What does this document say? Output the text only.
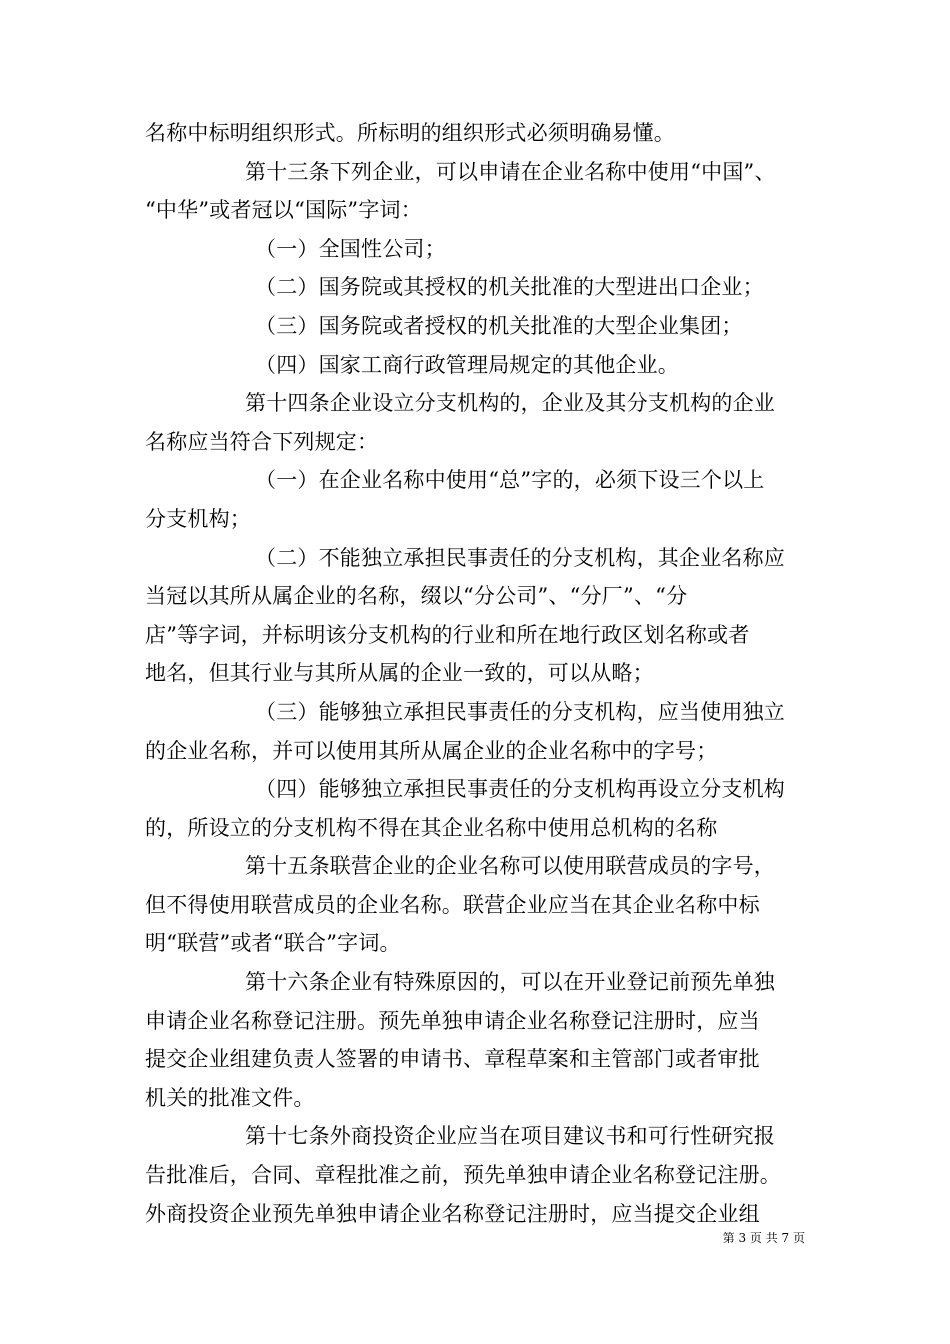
名称中标明组织形式。所标明的组织形式必须明确易懂。
第十三条下列企业，可以申请在企业名称中使用“中国”、
“中华”或者冠以“国际”字词：
（一）全国性公司；
（二）国务院或其授权的机关批准的大型进出口企业；
（三）国务院或者授权的机关批准的大型企业集团；
（四）国家工商行政管理局规定的其他企业。
第十四条企业设立分支机构的，企业及其分支机构的企业
名称应当符合下列规定：
（一）在企业名称中使用“总”字的，必须下设三个以上
分支机构；
（二）不能独立承担民事责任的分支机构，其企业名称应
当冠以其所从属企业的名称，缀以“分公司”、“分厂”、“分
店”等字词，并标明该分支机构的行业和所在地行政区划名称或者
地名，但其行业与其所从属的企业一致的，可以从略；
（三）能够独立承担民事责任的分支机构，应当使用独立
的企业名称，并可以使用其所从属企业的企业名称中的字号；
（四）能够独立承担民事责任的分支机构再设立分支机构
的，所设立的分支机构不得在其企业名称中使用总机构的名称
第十五条联营企业的企业名称可以使用联营成员的字号，
但不得使用联营成员的企业名称。联营企业应当在其企业名称中标
明“联营”或者“联合”字词。
第十六条企业有特殊原因的，可以在开业登记前预先单独
申请企业名称登记注册。预先单独申请企业名称登记注册时，应当
提交企业组建负责人签署的申请书、章程草案和主管部门或者审批
机关的批准文件。
第十七条外商投资企业应当在项目建议书和可行性研究报
告批准后，合同、章程批准之前，预先单独申请企业名称登记注册。
外商投资企业预先单独申请企业名称登记注册时，应当提交企业组
第 3 页 共 7 页
